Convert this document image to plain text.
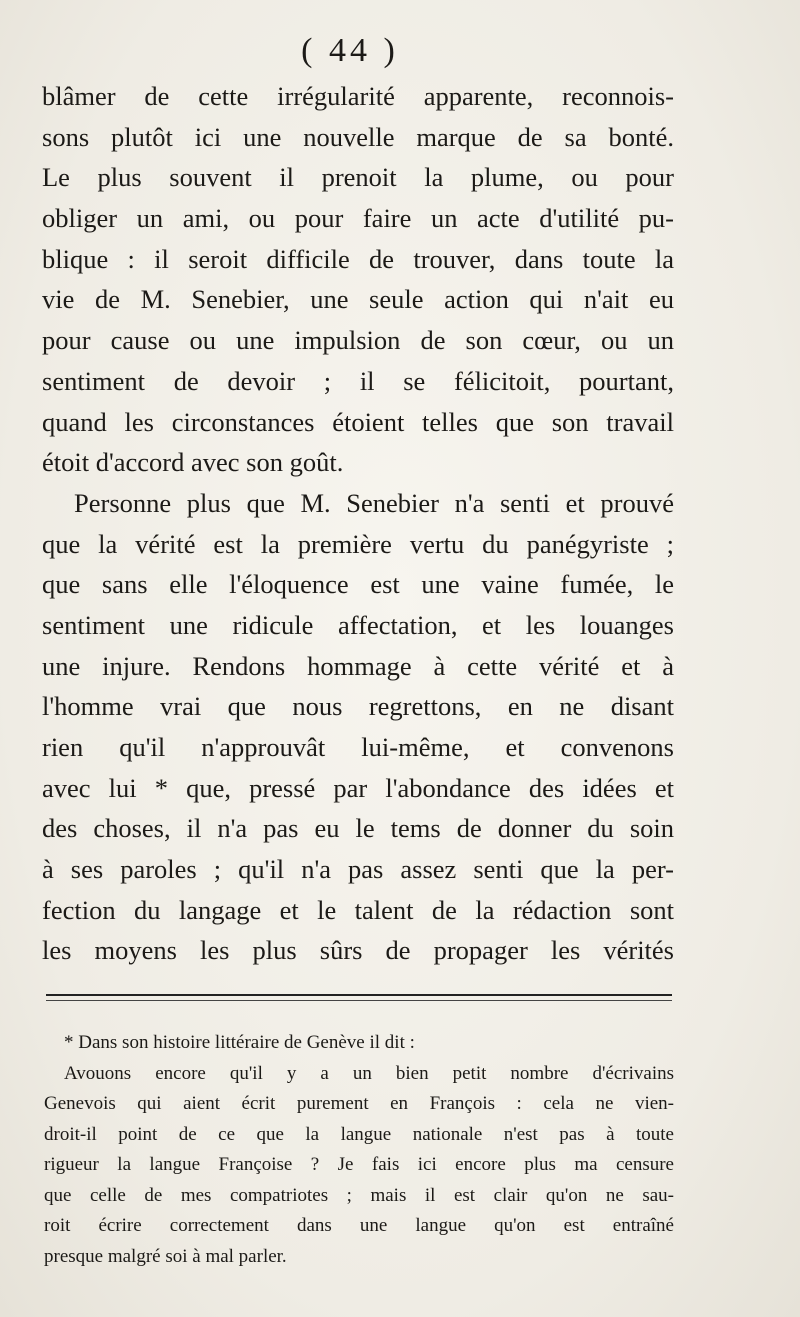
( 44 )
blâmer de cette irrégularité apparente, reconnois-
sons plutôt ici une nouvelle marque de sa bonté.
Le plus souvent il prenoit la plume, ou pour
obliger un ami, ou pour faire un acte d'utilité pu-
blique : il seroit difficile de trouver, dans toute la
vie de M. Senebier, une seule action qui n'ait eu
pour cause ou une impulsion de son cœur, ou un
sentiment de devoir ; il se félicitoit, pourtant,
quand les circonstances étoient telles que son travail
étoit d'accord avec son goût.
Personne plus que M. Senebier n'a senti et prouvé
que la vérité est la première vertu du panégyriste ;
que sans elle l'éloquence est une vaine fumée, le
sentiment une ridicule affectation, et les louanges
une injure. Rendons hommage à cette vérité et à
l'homme vrai que nous regrettons, en ne disant
rien qu'il n'approuvât lui-même, et convenons
avec lui * que, pressé par l'abondance des idées et
des choses, il n'a pas eu le tems de donner du soin
à ses paroles ; qu'il n'a pas assez senti que la per-
fection du langage et le talent de la rédaction sont
les moyens les plus sûrs de propager les vérités
* Dans son histoire littéraire de Genève il dit :
Avouons encore qu'il y a un bien petit nombre d'écrivains
Genevois qui aient écrit purement en François : cela ne vien-
droit-il point de ce que la langue nationale n'est pas à toute
rigueur la langue Françoise ? Je fais ici encore plus ma censure
que celle de mes compatriotes ; mais il est clair qu'on ne sau-
roit écrire correctement dans une langue qu'on est entraîné
presque malgré soi à mal parler.
